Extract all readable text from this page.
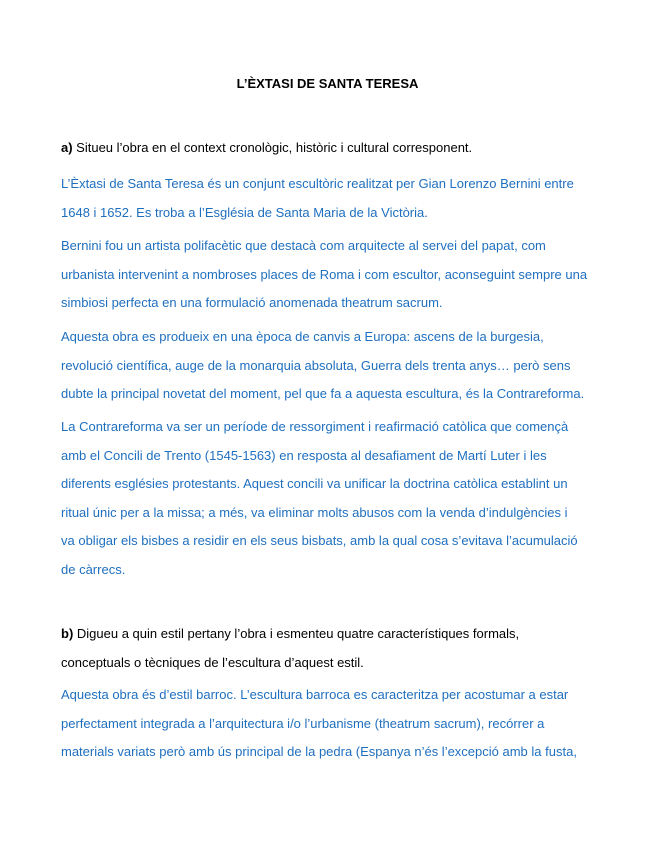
L’ÈXTASI DE SANTA TERESA
a) Situeu l’obra en el context cronològic, històric i cultural corresponent.
L’Èxtasi de Santa Teresa és un conjunt escultòric realitzat per Gian Lorenzo Bernini entre
1648 i 1652. Es troba a l’Església de Santa Maria de la Victòria.
Bernini fou un artista polifacètic que destacà com arquitecte al servei del papat, com
urbanista intervenint a nombroses places de Roma i com escultor, aconseguint sempre una
simbiosi perfecta en una formulació anomenada theatrum sacrum.
Aquesta obra es produeix en una època de canvis a Europa: ascens de la burgesia,
revolució científica, auge de la monarquia absoluta, Guerra dels trenta anys… però sens
dubte la principal novetat del moment, pel que fa a aquesta escultura, és la Contrareforma.
La Contrareforma va ser un període de ressorgiment i reafirmació catòlica que començà
amb el Concili de Trento (1545-1563) en resposta al desafiament de Martí Luter i les
diferents esglésies protestants. Aquest concili va unificar la doctrina catòlica establint un
ritual únic per a la missa; a més, va eliminar molts abusos com la venda d’indulgències i
va obligar els bisbes a residir en els seus bisbats, amb la qual cosa s’evitava l’acumulació
de càrrecs.
b) Digueu a quin estil pertany l’obra i esmenteu quatre característiques formals,
conceptuals o tècniques de l’escultura d’aquest estil.
Aquesta obra és d’estil barroc. L’escultura barroca es caracteritza per acostumar a estar
perfectament integrada a l’arquitectura i/o l’urbanisme (theatrum sacrum), recórrer a
materials variats però amb ús principal de la pedra (Espanya n’és l’excepció amb la fusta,
